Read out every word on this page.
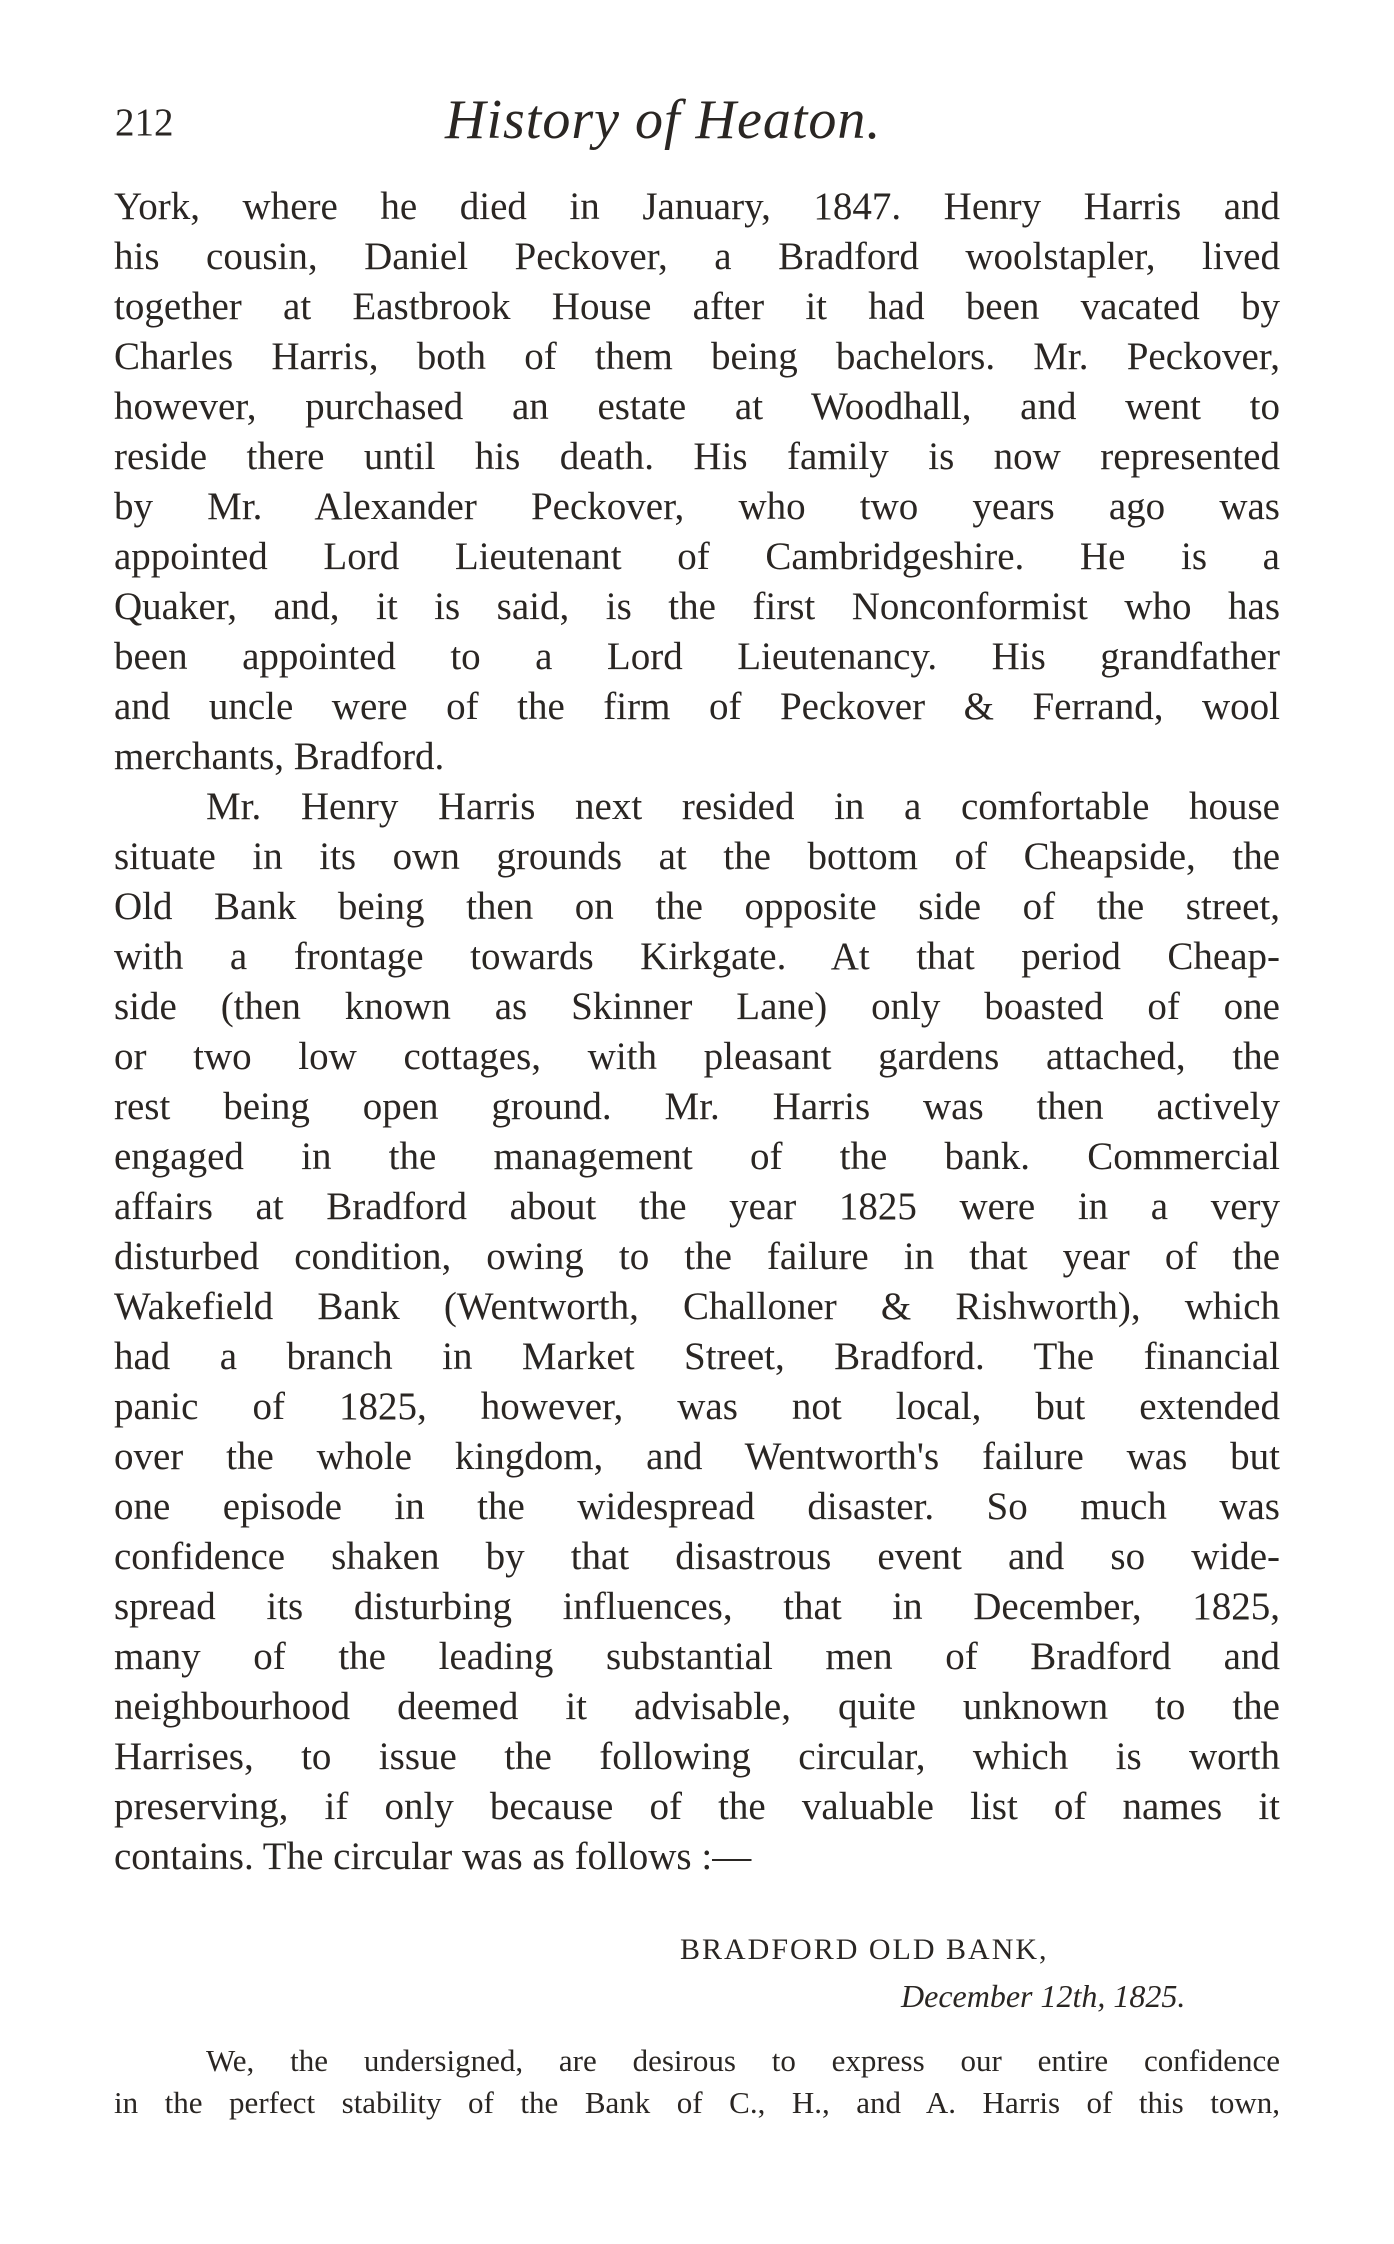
212	History of Heaton.
York, where he died in January, 1847. Henry Harris and
his cousin, Daniel Peckover, a Bradford woolstapler, lived
together at Eastbrook House after it had been vacated by
Charles Harris, both of them being bachelors. Mr. Peckover,
however, purchased an estate at Woodhall, and went to
reside there until his death. His family is now represented
by Mr. Alexander Peckover, who two years ago was
appointed Lord Lieutenant of Cambridgeshire. He is a
Quaker, and, it is said, is the first Nonconformist who has
been appointed to a Lord Lieutenancy. His grandfather
and uncle were of the firm of Peckover & Ferrand, wool
merchants, Bradford.
Mr. Henry Harris next resided in a comfortable house
situate in its own grounds at the bottom of Cheapside, the
Old Bank being then on the opposite side of the street,
with a frontage towards Kirkgate. At that period Cheap-
side (then known as Skinner Lane) only boasted of one
or two low cottages, with pleasant gardens attached, the
rest being open ground. Mr. Harris was then actively
engaged in the management of the bank. Commercial
affairs at Bradford about the year 1825 were in a very
disturbed condition, owing to the failure in that year of the
Wakefield Bank (Wentworth, Challoner & Rishworth), which
had a branch in Market Street, Bradford. The financial
panic of 1825, however, was not local, but extended
over the whole kingdom, and Wentworth's failure was but
one episode in the widespread disaster. So much was
confidence shaken by that disastrous event and so wide-
spread its disturbing influences, that in December, 1825,
many of the leading substantial men of Bradford and
neighbourhood deemed it advisable, quite unknown to the
Harrises, to issue the following circular, which is worth
preserving, if only because of the valuable list of names it
contains. The circular was as follows :—
BRADFORD OLD BANK,
December 12th, 1825.
We, the undersigned, are desirous to express our entire confidence
in the perfect stability of the Bank of C., H., and A. Harris of this town,
